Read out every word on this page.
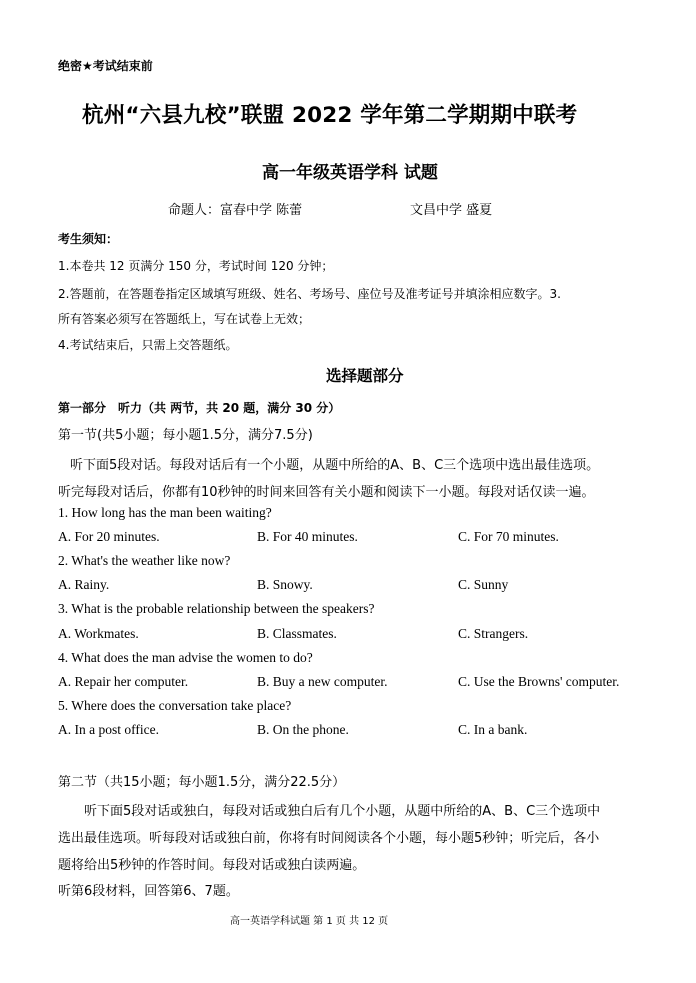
绝密★考试结束前
杭州“六县九校”联盟 2022 学年第二学期期中联考
高一年级英语学科 试题
命题人：富春中学 陈蕾	文昌中学 盛夏
考生须知：
1.本卷共 12 页满分 150 分，考试时间 120 分钟；
2.答题前，在答题卷指定区域填写班级、姓名、考场号、座位号及准考证号并填涂相应数字。3.
所有答案必须写在答题纸上，写在试卷上无效；
4.考试结束后，只需上交答题纸。
选择题部分
第一部分　听力（共 两节，共 20 题，满分 30 分）
第一节(共5小题；每小题1.5分，满分7.5分)
听下面5段对话。每段对话后有一个小题，从题中所给的A、B、C三个选项中选出最佳选项。
听完每段对话后，你都有10秒钟的时间来回答有关小题和阅读下一小题。每段对话仅读一遍。
1. How long has the man been waiting?
A. For 20 minutes.	B. For 40 minutes.	C. For 70 minutes.
2. What's the weather like now?
A. Rainy.	B. Snowy.	C. Sunny
3. What is the probable relationship between the speakers?
A. Workmates.	B. Classmates.	C. Strangers.
4. What does the man advise the women to do?
A. Repair her computer.	B. Buy a new computer.	C. Use the Browns' computer.
5. Where does the conversation take place?
A. In a post office.	B. On the phone.	C. In a bank.
第二节（共15小题；每小题1.5分，满分22.5分）
听下面5段对话或独白，每段对话或独白后有几个小题，从题中所给的A、B、C三个选项中
选出最佳选项。听每段对话或独白前，你将有时间阅读各个小题，每小题5秒钟；听完后，各小
题将给出5秒钟的作答时间。每段对话或独白读两遍。
听第6段材料，回答第6、7题。
高一英语学科试题 第 1 页 共 12 页
